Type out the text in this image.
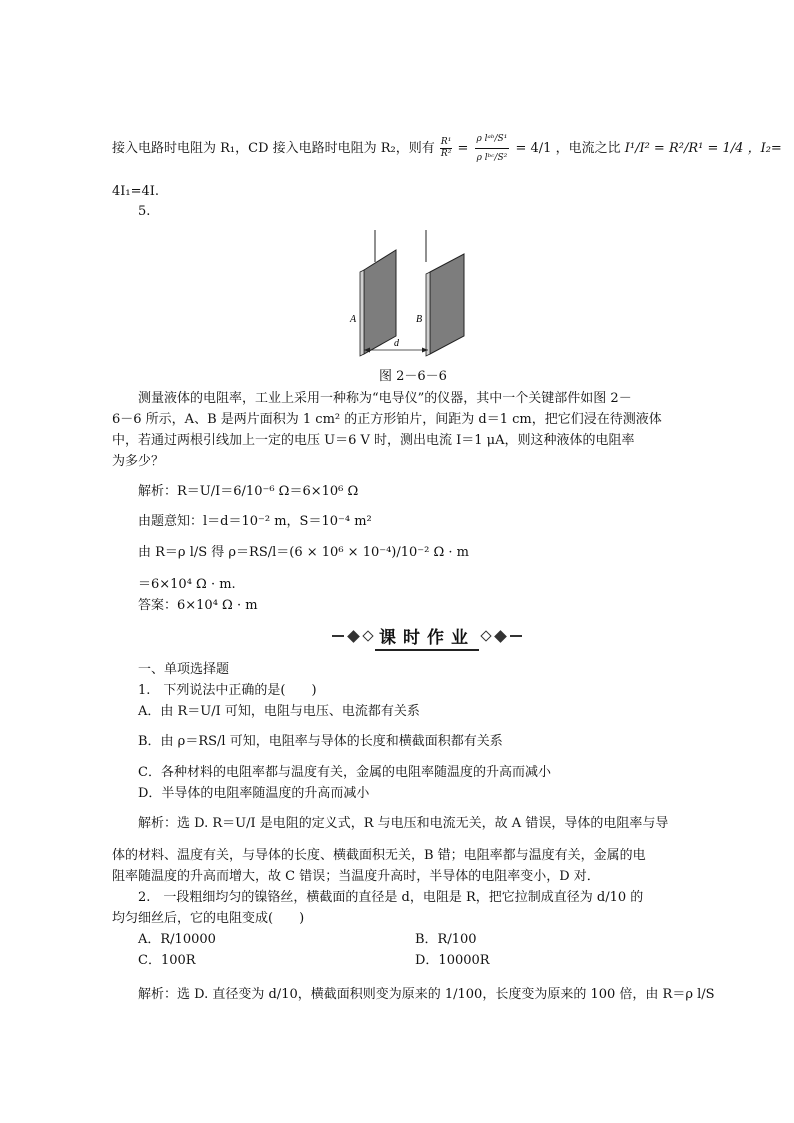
接入电路时电阻为 R₁，CD 接入电路时电阻为 R₂，则有 $\frac{\text{R¹}}{\text{R²}} = \frac{\text{ρ lᵃᵇ/S¹}}{\text{ρ lᵇᶜ/S²}} = 4/1$ ，电流之比 I¹/I² = R²/R¹ = 1/4 ，I₂=
4I₁=4I.
5.
A	B
d
图 2－6－6
测量液体的电阻率，工业上采用一种称为“电导仪”的仪器，其中一个关键部件如图 2－
6－6 所示，A、B 是两片面积为 1 cm² 的正方形铂片，间距为 d＝1 cm，把它们浸在待测液体
中，若通过两根引线加上一定的电压 U＝6 V 时，测出电流 I＝1 μA，则这种液体的电阻率
为多少？
解析：R＝U/I＝6/10⁻⁶ Ω＝6×10⁶ Ω
由题意知：l＝d＝10⁻² m，S＝10⁻⁴ m²
由 R＝ρ l/S 得 ρ＝RS/l＝(6 × 10⁶ × 10⁻⁴)/10⁻² Ω · m
＝6×10⁴ Ω · m.
答案：6×10⁴ Ω · m
课时作业
一、单项选择题
1.　下列说法中正确的是(　　)
A．由 R＝U/I 可知，电阻与电压、电流都有关系
B．由 ρ＝RS/l 可知，电阻率与导体的长度和横截面积都有关系
C．各种材料的电阻率都与温度有关，金属的电阻率随温度的升高而减小
D．半导体的电阻率随温度的升高而减小
解析：选 D. R＝U/I 是电阻的定义式，R 与电压和电流无关，故 A 错误，导体的电阻率与导
体的材料、温度有关，与导体的长度、横截面积无关，B 错；电阻率都与温度有关，金属的电
阻率随温度的升高而增大，故 C 错误；当温度升高时，半导体的电阻率变小，D 对．
2.　一段粗细均匀的镍铬丝，横截面的直径是 d，电阻是 R，把它拉制成直径为 d/10 的
均匀细丝后，它的电阻变成(　　)
A．R/10000	B．R/100
C．100R	D．10000R
解析：选 D. 直径变为 d/10，横截面积则变为原来的 1/100，长度变为原来的 100 倍，由 R＝ρ l/S
